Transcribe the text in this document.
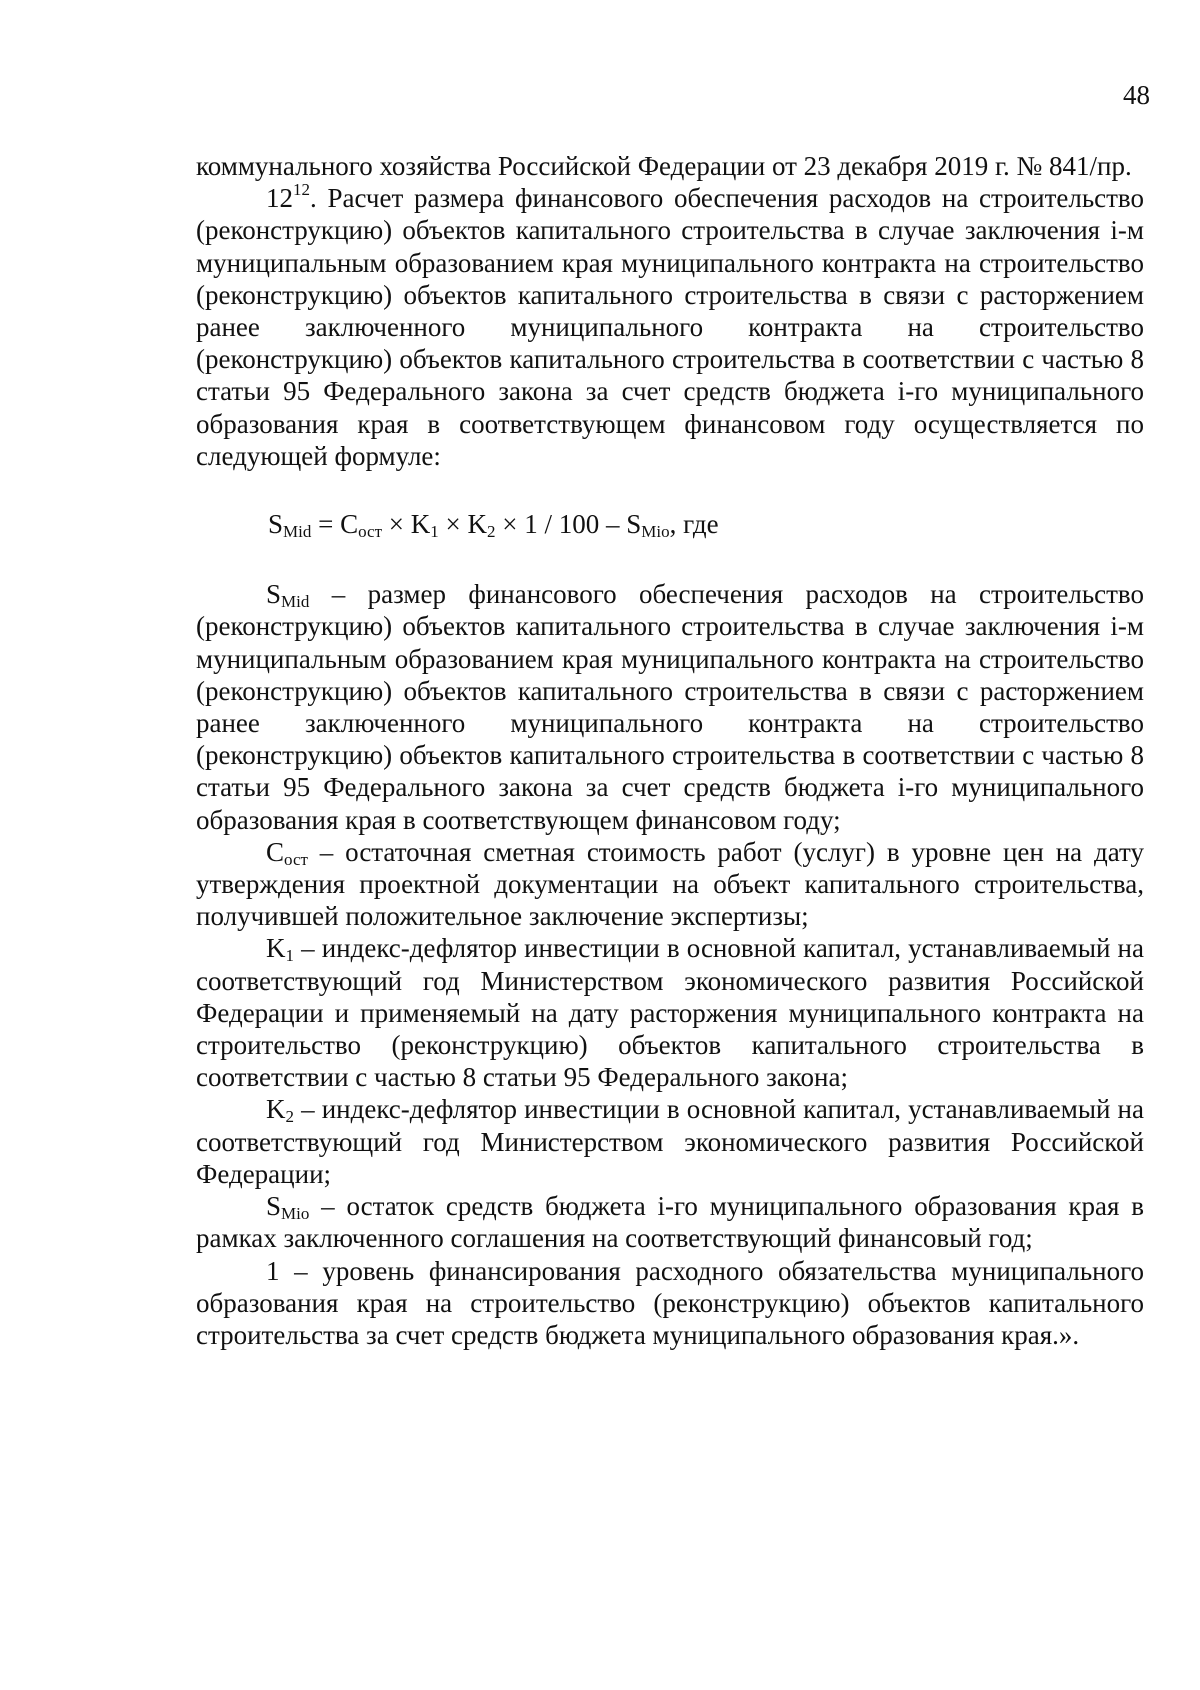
48

коммунального хозяйства Российской Федерации от 23 декабря 2019 г. № 841/пр.

$12^{12}$. Расчет размера финансового обеспечения расходов на строительство (реконструкцию) объектов капитального строительства в случае заключения i-м муниципальным образованием края муниципального контракта на строительство (реконструкцию) объектов капитального строительства в связи с расторжением ранее заключенного муниципального контракта на строительство (реконструкцию) объектов капитального строительства в соответствии с частью 8 статьи 95 Федерального закона за счет средств бюджета i-го муниципального образования края в соответствующем финансовом году осуществляется по следующей формуле:

$S_{Mid} = C_{ост} \times K_1 \times K_2 \times 1 / 100 - S_{Mio}$, где

$S_{Mid}$ – размер финансового обеспечения расходов на строительство (реконструкцию) объектов капитального строительства в случае заключения i-м муниципальным образованием края муниципального контракта на строительство (реконструкцию) объектов капитального строительства в связи с расторжением ранее заключенного муниципального контракта на строительство (реконструкцию) объектов капитального строительства в соответствии с частью 8 статьи 95 Федерального закона за счет средств бюджета i-го муниципального образования края в соответствующем финансовом году;

$C_{ост}$ – остаточная сметная стоимость работ (услуг) в уровне цен на дату утверждения проектной документации на объект капитального строительства, получившей положительное заключение экспертизы;

$K_1$ – индекс-дефлятор инвестиции в основной капитал, устанавливаемый на соответствующий год Министерством экономического развития Российской Федерации и применяемый на дату расторжения муниципального контракта на строительство (реконструкцию) объектов капитального строительства в соответствии с частью 8 статьи 95 Федерального закона;

$K_2$ – индекс-дефлятор инвестиции в основной капитал, устанавливаемый на соответствующий год Министерством экономического развития Российской Федерации;

$S_{Mio}$ – остаток средств бюджета i-го муниципального образования края в рамках заключенного соглашения на соответствующий финансовый год;

1 – уровень финансирования расходного обязательства муниципального образования края на строительство (реконструкцию) объектов капитального строительства за счет средств бюджета муниципального образования края.».
